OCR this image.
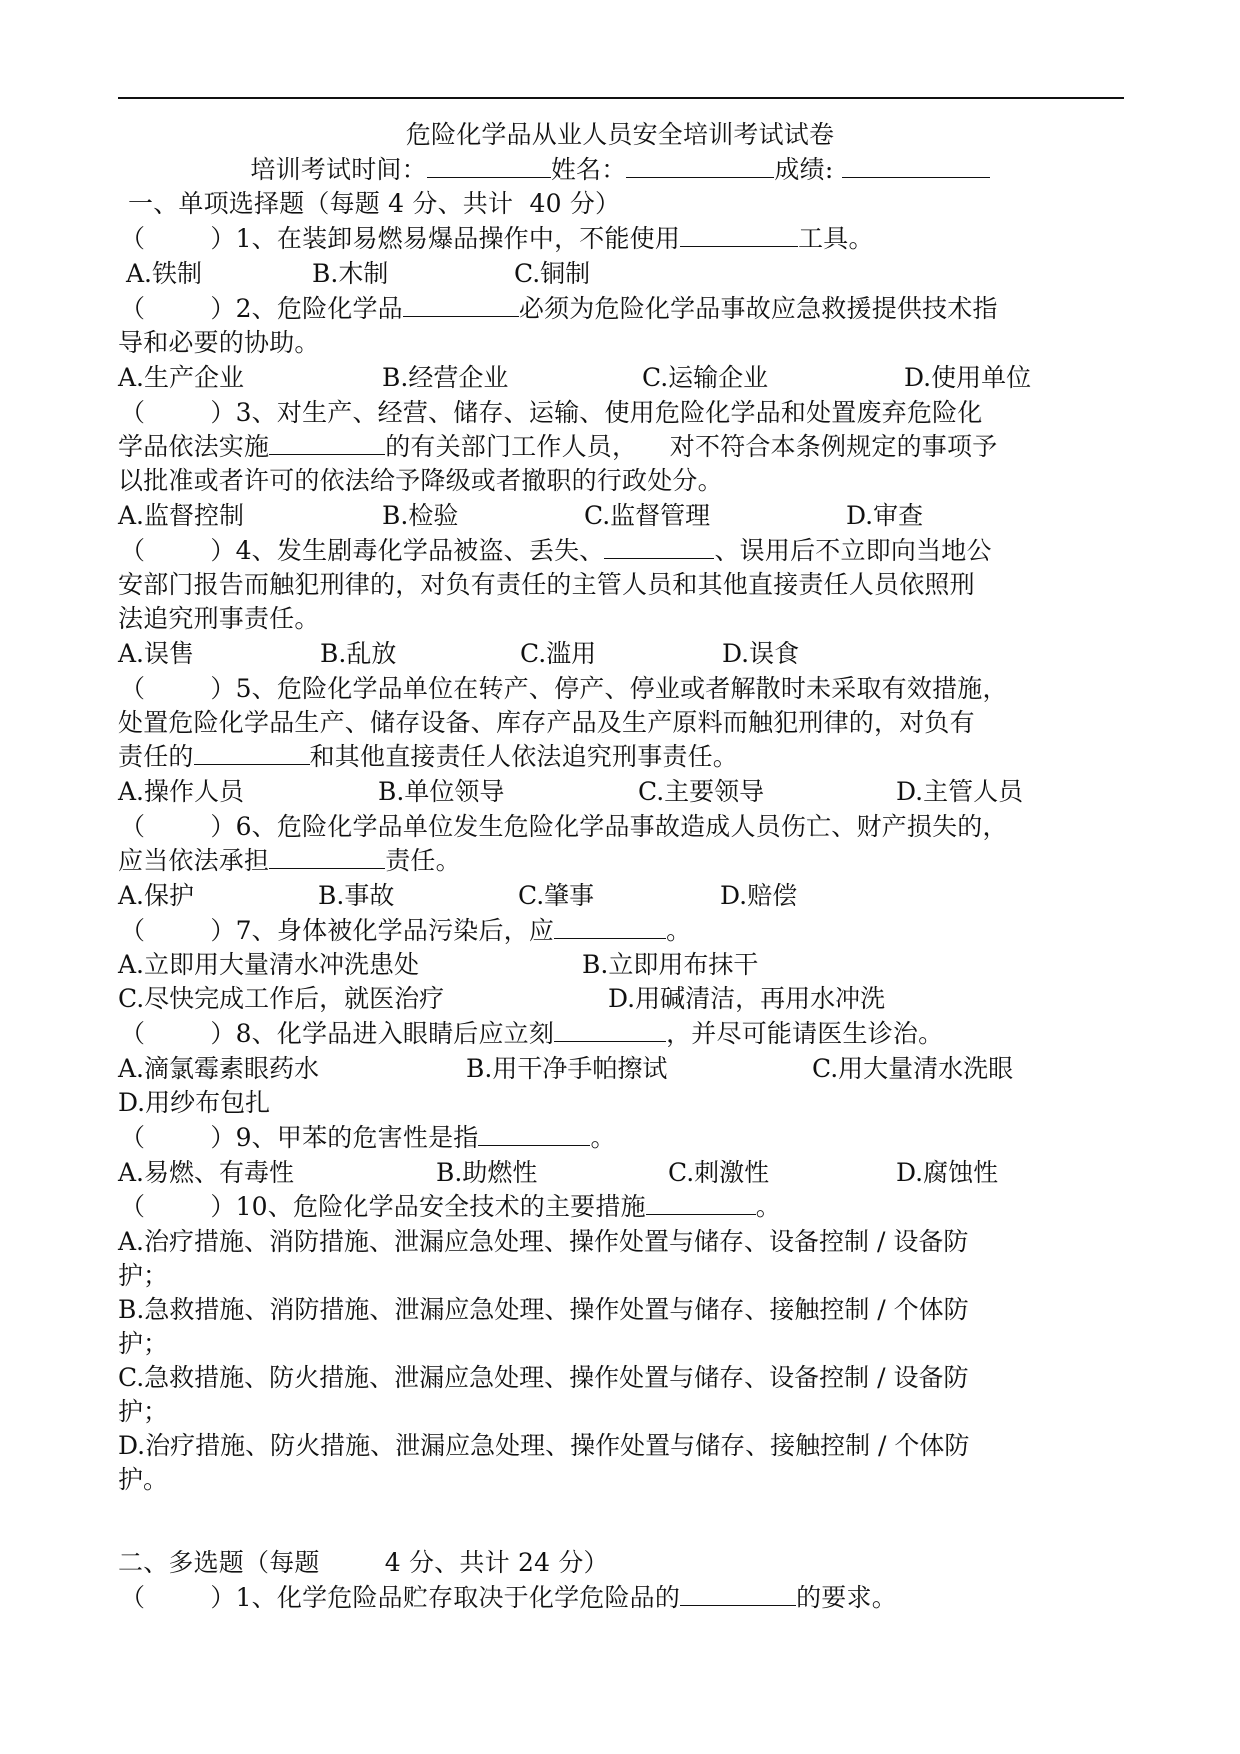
危险化学品从业人员安全培训考试试卷

培训考试时间：	姓名：	成绩:

一、单项选择题（每题 4 分、共计  40 分）

（        ）1、在装卸易燃易爆品操作中，不能使用	工具。

A.铁制	B.木制	C.铜制

（        ）2、危险化学品	必须为危险化学品事故应急救援提供技术指

导和必要的协助。

A.生产企业	B.经营企业	C.运输企业	D.使用单位

（        ）3、对生产、经营、储存、运输、使用危险化学品和处置废弃危险化

学品依法实施	的有关部门工作人员，    对不符合本条例规定的事项予

以批准或者许可的依法给予降级或者撤职的行政处分。

A.监督控制	B.检验	C.监督管理	D.审查

（        ）4、发生剧毒化学品被盗、丢失、	、误用后不立即向当地公

安部门报告而触犯刑律的，对负有责任的主管人员和其他直接责任人员依照刑

法追究刑事责任。

A.误售	B.乱放	C.滥用	D.误食

（        ）5、危险化学品单位在转产、停产、停业或者解散时未采取有效措施，

处置危险化学品生产、储存设备、库存产品及生产原料而触犯刑律的，对负有

责任的	和其他直接责任人依法追究刑事责任。

A.操作人员	B.单位领导	C.主要领导	D.主管人员

（        ）6、危险化学品单位发生危险化学品事故造成人员伤亡、财产损失的，

应当依法承担	责任。

A.保护	B.事故	C.肇事	D.赔偿

（        ）7、身体被化学品污染后，应	。

A.立即用大量清水冲洗患处	B.立即用布抹干

C.尽快完成工作后，就医治疗	D.用碱清洁，再用水冲洗

（        ）8、化学品进入眼睛后应立刻	，并尽可能请医生诊治。

A.滴氯霉素眼药水	B.用干净手帕擦试	C.用大量清水洗眼

D.用纱布包扎

（        ）9、甲苯的危害性是指	。

A.易燃、有毒性	B.助燃性	C.刺激性	D.腐蚀性

（        ）10、危险化学品安全技术的主要措施	。

A.治疗措施、消防措施、泄漏应急处理、操作处置与储存、设备控制 / 设备防

护；

B.急救措施、消防措施、泄漏应急处理、操作处置与储存、接触控制 / 个体防

护；

C.急救措施、防火措施、泄漏应急处理、操作处置与储存、设备控制 / 设备防

护；

D.治疗措施、防火措施、泄漏应急处理、操作处置与储存、接触控制 / 个体防

护。

二、多选题（每题        4 分、共计 24 分）

（        ）1、化学危险品贮存取决于化学危险品的	的要求。
